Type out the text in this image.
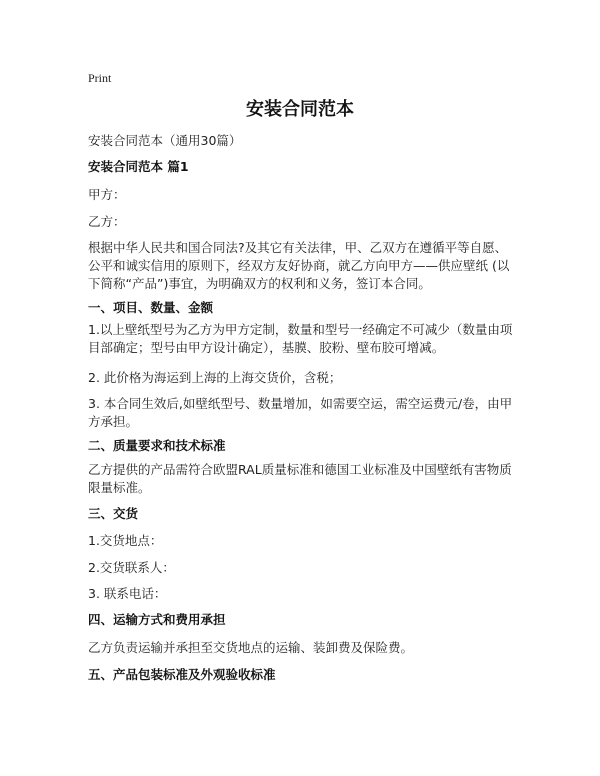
Print
安装合同范本

安装合同范本（通用30篇）

安装合同范本 篇1

甲方：

乙方：

根据中华人民共和国合同法?及其它有关法律，甲、乙双方在遵循平等自愿、公平和诚实信用的原则下，经双方友好协商，就乙方向甲方——供应壁纸 (以下简称“产品”)事宜，为明确双方的权利和义务，签订本合同。

一、项目、数量、金额

1.以上壁纸型号为乙方为甲方定制，数量和型号一经确定不可减少（数量由项目部确定；型号由甲方设计确定），基膜、胶粉、壁布胶可增减。

2. 此价格为海运到上海的上海交货价，含税；

3. 本合同生效后,如壁纸型号、数量增加，如需要空运，需空运费元/卷，由甲方承担。

二、质量要求和技术标准

乙方提供的产品需符合欧盟RAL质量标准和德国工业标准及中国壁纸有害物质限量标准。

三、交货

1.交货地点：

2.交货联系人：

3. 联系电话：

四、运输方式和费用承担

乙方负责运输并承担至交货地点的运输、装卸费及保险费。

五、产品包装标准及外观验收标准
